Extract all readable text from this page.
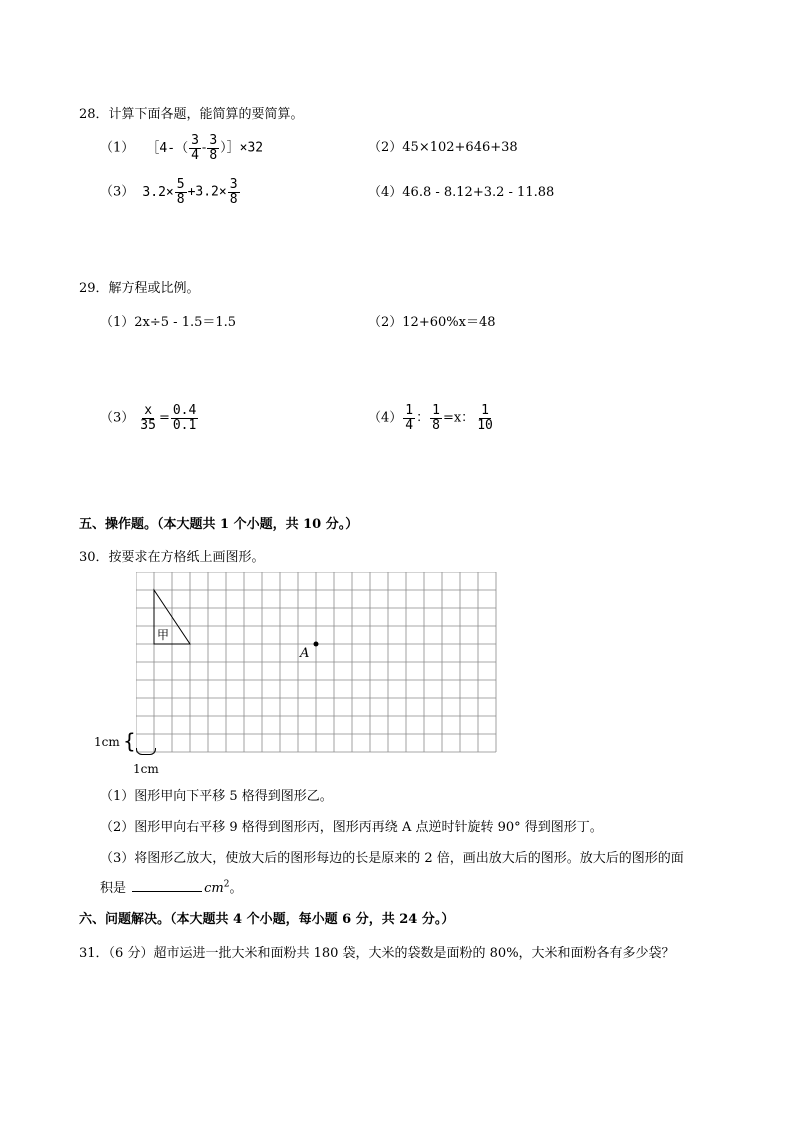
28．计算下面各题，能简算的要简算。
（1） ［4-（ $\frac{3}{4} - \frac{3}{8}$ ）］×32	（2）45×102+646+38
（3） $3.2\times \frac{5}{8} +3.2\times \frac{3}{8}$	（4）46.8 - 8.12+3.2 - 11.88
29．解方程或比例。
（1）2x÷5 - 1.5＝1.5	（2）12+60%x＝48
$(3) \frac{x}{35} = \frac{0.4}{0.1}$	$(4) \frac{1}{4}$ ： $\frac{1}{8} =x$： $\frac{1}{10}$
五、操作题。（本大题共 1 个小题，共 10 分。）
30．按要求在方格纸上画图形。
甲
A
1cm {
1cm
（1）图形甲向下平移 5 格得到图形乙。
（2）图形甲向右平移 9 格得到图形丙，图形丙再绕 A 点逆时针旋转 90° 得到图形丁。
（3）将图形乙放大，使放大后的图形每边的长是原来的 2 倍，画出放大后的图形。放大后的图形的面
积是	$cm^2$。
六、问题解决。（本大题共 4 个小题，每小题 6 分，共 24 分。）
31．（6 分）超市运进一批大米和面粉共 180 袋，大米的袋数是面粉的 80%，大米和面粉各有多少袋？
